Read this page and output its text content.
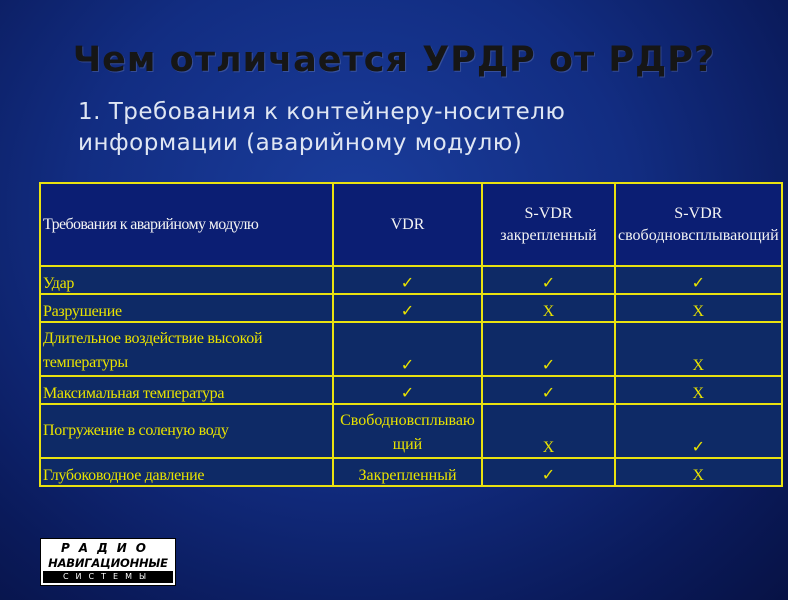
Чем отличается УРДР от РДР?
1. Требования к контейнеру-носителю информации (аварийному модулю)
Требования к аварийному модулю	VDR	S-VDR закрепленный	S-VDR свободновсплывающий
Удар	✓	✓	✓
Разрушение	✓	X	X
Длительное воздействие высокой температуры	✓	✓	X
Максимальная температура	✓	✓	X
Погружение в соленую воду	Свободновсплывающий	X	✓
Глубоководное давление	Закрепленный	✓	X
РАДИО
НАВИГАЦИОННЫЕ
СИСТЕМЫ
